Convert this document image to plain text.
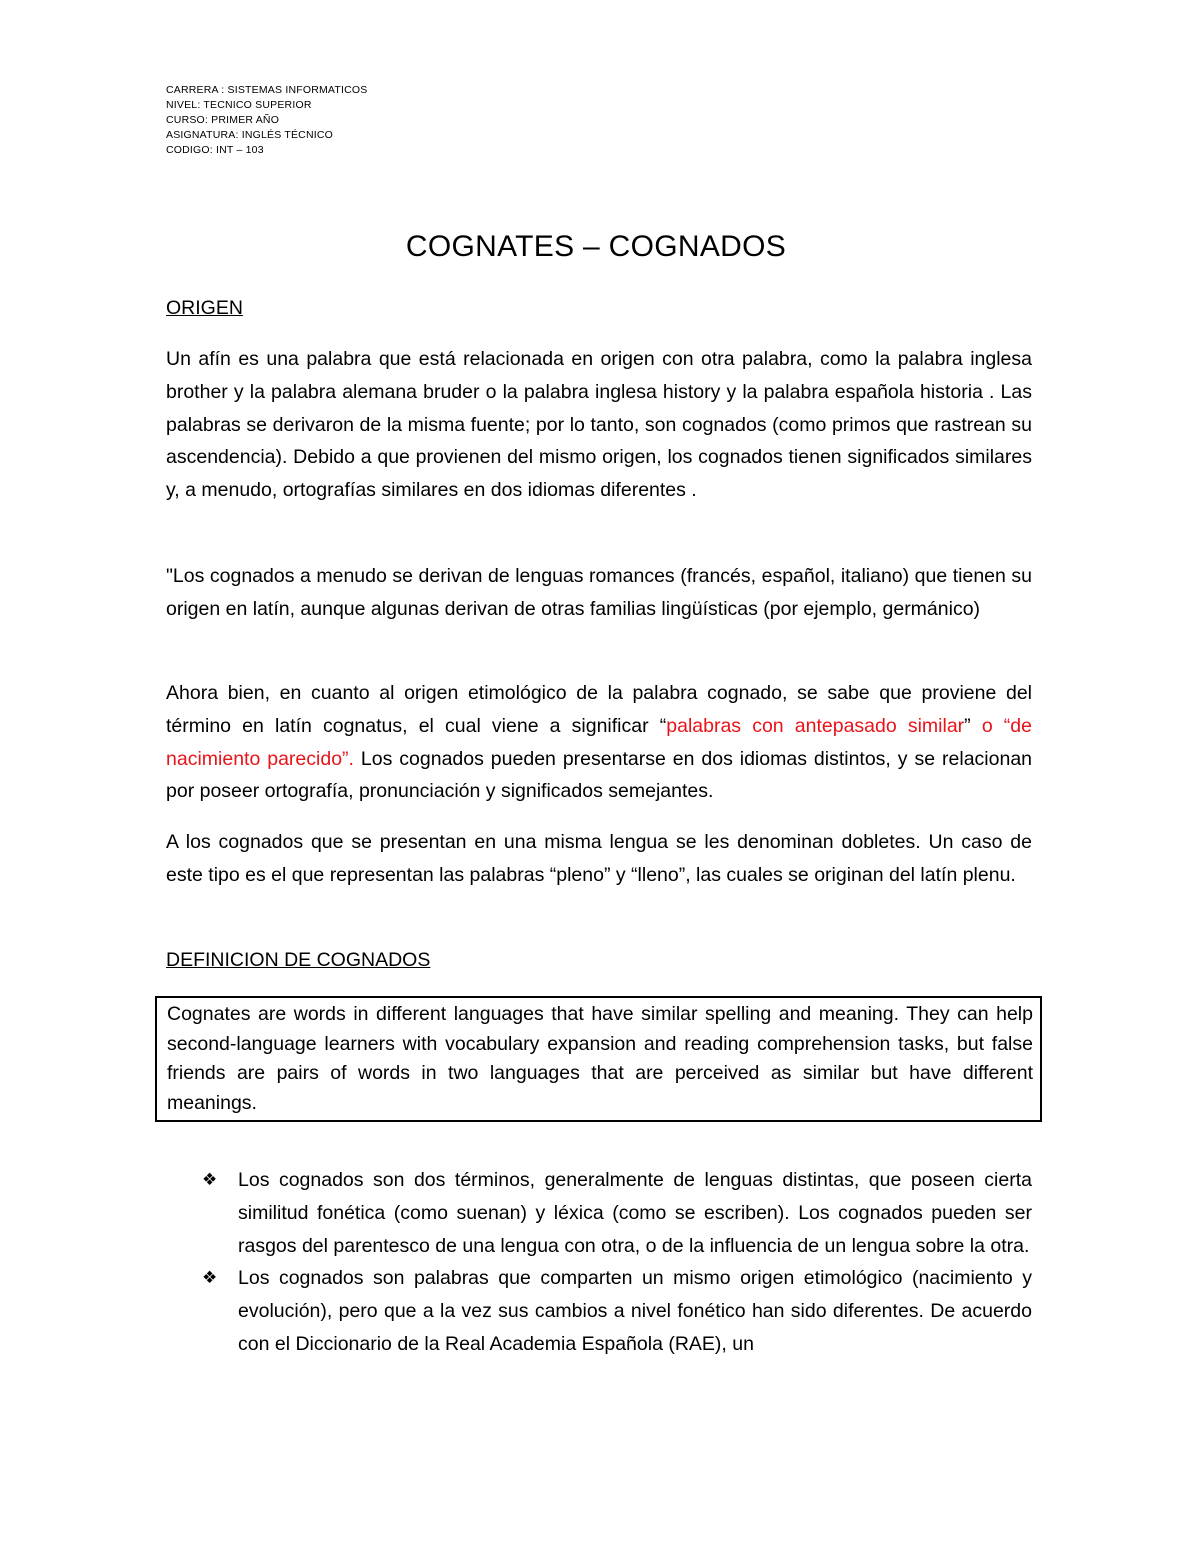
CARRERA : SISTEMAS INFORMATICOS
NIVEL: TECNICO SUPERIOR
CURSO: PRIMER AÑO
ASIGNATURA: INGLÉS TÉCNICO
CODIGO: INT – 103
COGNATES – COGNADOS
ORIGEN
Un afín es una palabra que está relacionada en origen con otra palabra, como la palabra inglesa brother y la palabra alemana bruder o la palabra inglesa history y la palabra española historia . Las palabras se derivaron de la misma fuente; por lo tanto, son cognados (como primos que rastrean su ascendencia). Debido a que provienen del mismo origen, los cognados tienen significados similares y, a menudo, ortografías similares en dos idiomas diferentes .
"Los cognados a menudo se derivan de lenguas romances (francés, español, italiano) que tienen su origen en latín, aunque algunas derivan de otras familias lingüísticas (por ejemplo, germánico)
Ahora bien, en cuanto al origen etimológico de la palabra cognado, se sabe que proviene del término en latín cognatus, el cual viene a significar “palabras con antepasado similar” o “de nacimiento parecido”. Los cognados pueden presentarse en dos idiomas distintos, y se relacionan por poseer ortografía, pronunciación y significados semejantes.
A los cognados que se presentan en una misma lengua se les denominan dobletes. Un caso de este tipo es el que representan las palabras “pleno” y “lleno”, las cuales se originan del latín plenu.
DEFINICION DE COGNADOS
Cognates are words in different languages that have similar spelling and meaning. They can help second-language learners with vocabulary expansion and reading comprehension tasks, but false friends are pairs of words in two languages that are perceived as similar but have different meanings.
❖ Los cognados son dos términos, generalmente de lenguas distintas, que poseen cierta similitud fonética (como suenan) y léxica (como se escriben). Los cognados pueden ser rasgos del parentesco de una lengua con otra, o de la influencia de un lengua sobre la otra.
❖ Los cognados son palabras que comparten un mismo origen etimológico (nacimiento y evolución), pero que a la vez sus cambios a nivel fonético han sido diferentes. De acuerdo con el Diccionario de la Real Academia Española (RAE), un
